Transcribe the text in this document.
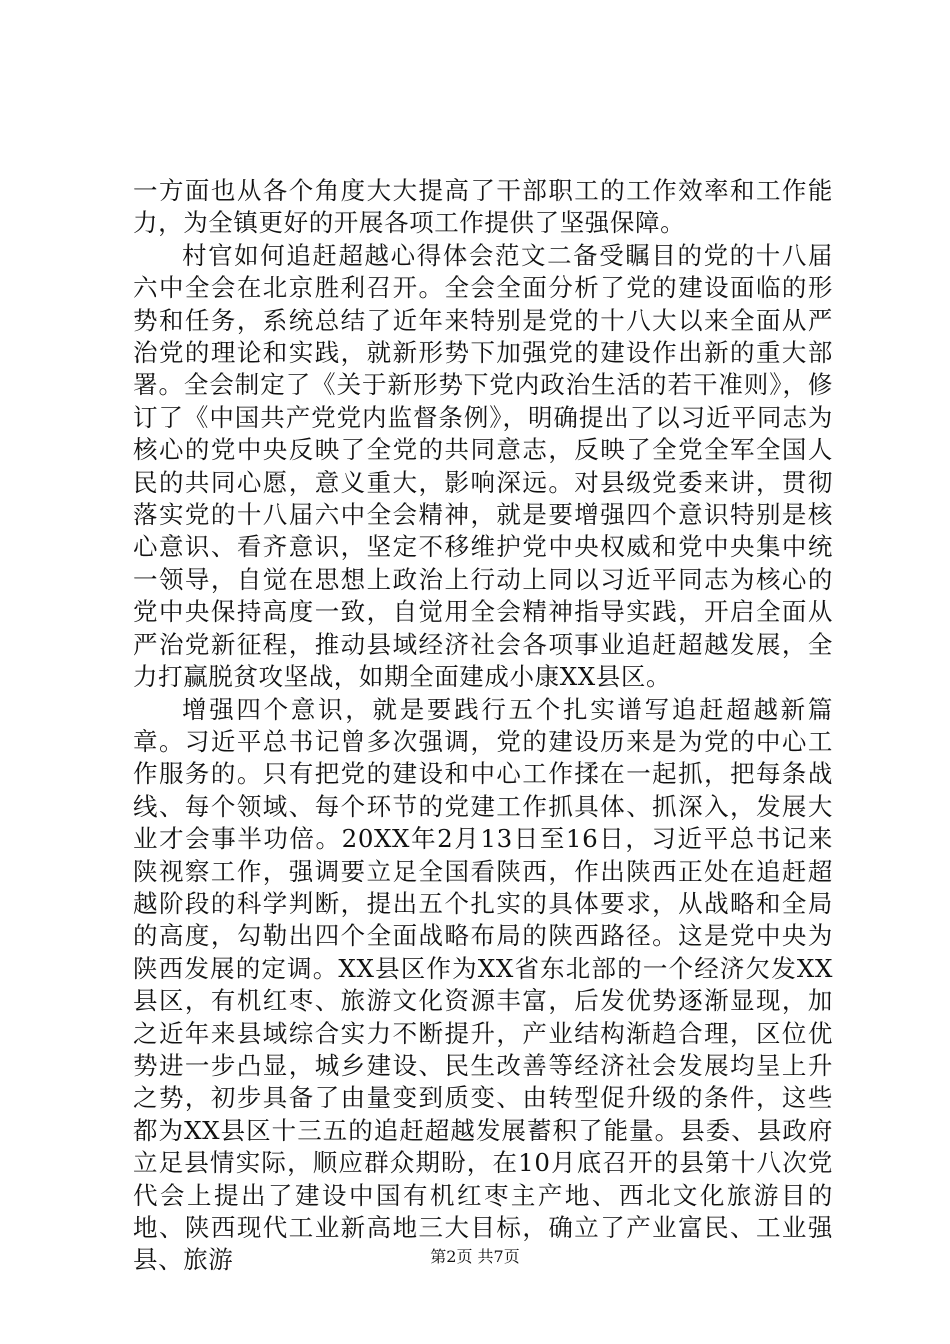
一方面也从各个角度大大提高了干部职工的工作效率和工作能力，为全镇更好的开展各项工作提供了坚强保障。

村官如何追赶超越心得体会范文二备受瞩目的党的十八届六中全会在北京胜利召开。全会全面分析了党的建设面临的形势和任务，系统总结了近年来特别是党的十八大以来全面从严治党的理论和实践，就新形势下加强党的建设作出新的重大部署。全会制定了《关于新形势下党内政治生活的若干准则》，修订了《中国共产党党内监督条例》，明确提出了以习近平同志为核心的党中央反映了全党的共同意志，反映了全党全军全国人民的共同心愿，意义重大，影响深远。对县级党委来讲，贯彻落实党的十八届六中全会精神，就是要增强四个意识特别是核心意识、看齐意识，坚定不移维护党中央权威和党中央集中统一领导，自觉在思想上政治上行动上同以习近平同志为核心的党中央保持高度一致，自觉用全会精神指导实践，开启全面从严治党新征程，推动县域经济社会各项事业追赶超越发展，全力打赢脱贫攻坚战，如期全面建成小康XX县区。

增强四个意识，就是要践行五个扎实谱写追赶超越新篇章。习近平总书记曾多次强调，党的建设历来是为党的中心工作服务的。只有把党的建设和中心工作揉在一起抓，把每条战线、每个领域、每个环节的党建工作抓具体、抓深入，发展大业才会事半功倍。20XX年2月13日至16日，习近平总书记来陕视察工作，强调要立足全国看陕西，作出陕西正处在追赶超越阶段的科学判断，提出五个扎实的具体要求，从战略和全局的高度，勾勒出四个全面战略布局的陕西路径。这是党中央为陕西发展的定调。XX县区作为XX省东北部的一个经济欠发XX县区，有机红枣、旅游文化资源丰富，后发优势逐渐显现，加之近年来县域综合实力不断提升，产业结构渐趋合理，区位优势进一步凸显，城乡建设、民生改善等经济社会发展均呈上升之势，初步具备了由量变到质变、由转型促升级的条件，这些都为XX县区十三五的追赶超越发展蓄积了能量。县委、县政府立足县情实际，顺应群众期盼，在10月底召开的县第十八次党代会上提出了建设中国有机红枣主产地、西北文化旅游目的地、陕西现代工业新高地三大目标，确立了产业富民、工业强县、旅游	第2页 共7页
